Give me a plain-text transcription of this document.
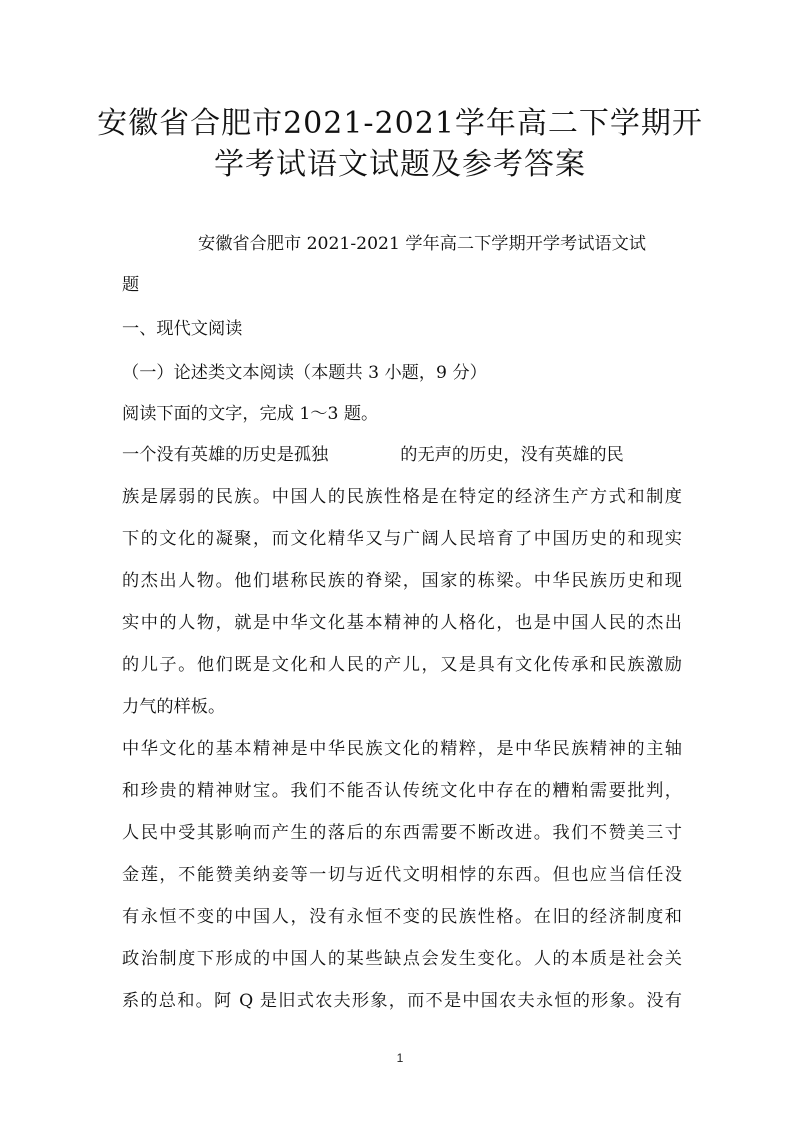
安徽省合肥市2021-2021学年高二下学期开
学考试语文试题及参考答案
安徽省合肥市 2021-2021 学年高二下学期开学考试语文试
题
一、现代文阅读
（一）论述类文本阅读（本题共 3 小题，9 分）
阅读下面的文字，完成 1～3 题。
一个没有英雄的历史是孤独	的无声的历史，没有英雄的民
族是孱弱的民族。中国人的民族性格是在特定的经济生产方式和制度
下的文化的凝聚，而文化精华又与广阔人民培育了中国历史的和现实
的杰出人物。他们堪称民族的脊梁，国家的栋梁。中华民族历史和现
实中的人物，就是中华文化基本精神的人格化，也是中国人民的杰出
的儿子。他们既是文化和人民的产儿，又是具有文化传承和民族激励
力气的样板。
中华文化的基本精神是中华民族文化的精粹，是中华民族精神的主轴
和珍贵的精神财宝。我们不能否认传统文化中存在的糟粕需要批判，
人民中受其影响而产生的落后的东西需要不断改进。我们不赞美三寸
金莲，不能赞美纳妾等一切与近代文明相悖的东西。但也应当信任没
有永恒不变的中国人，没有永恒不变的民族性格。在旧的经济制度和
政治制度下形成的中国人的某些缺点会发生变化。人的本质是社会关
系的总和。阿 Q 是旧式农夫形象，而不是中国农夫永恒的形象。没有
1
